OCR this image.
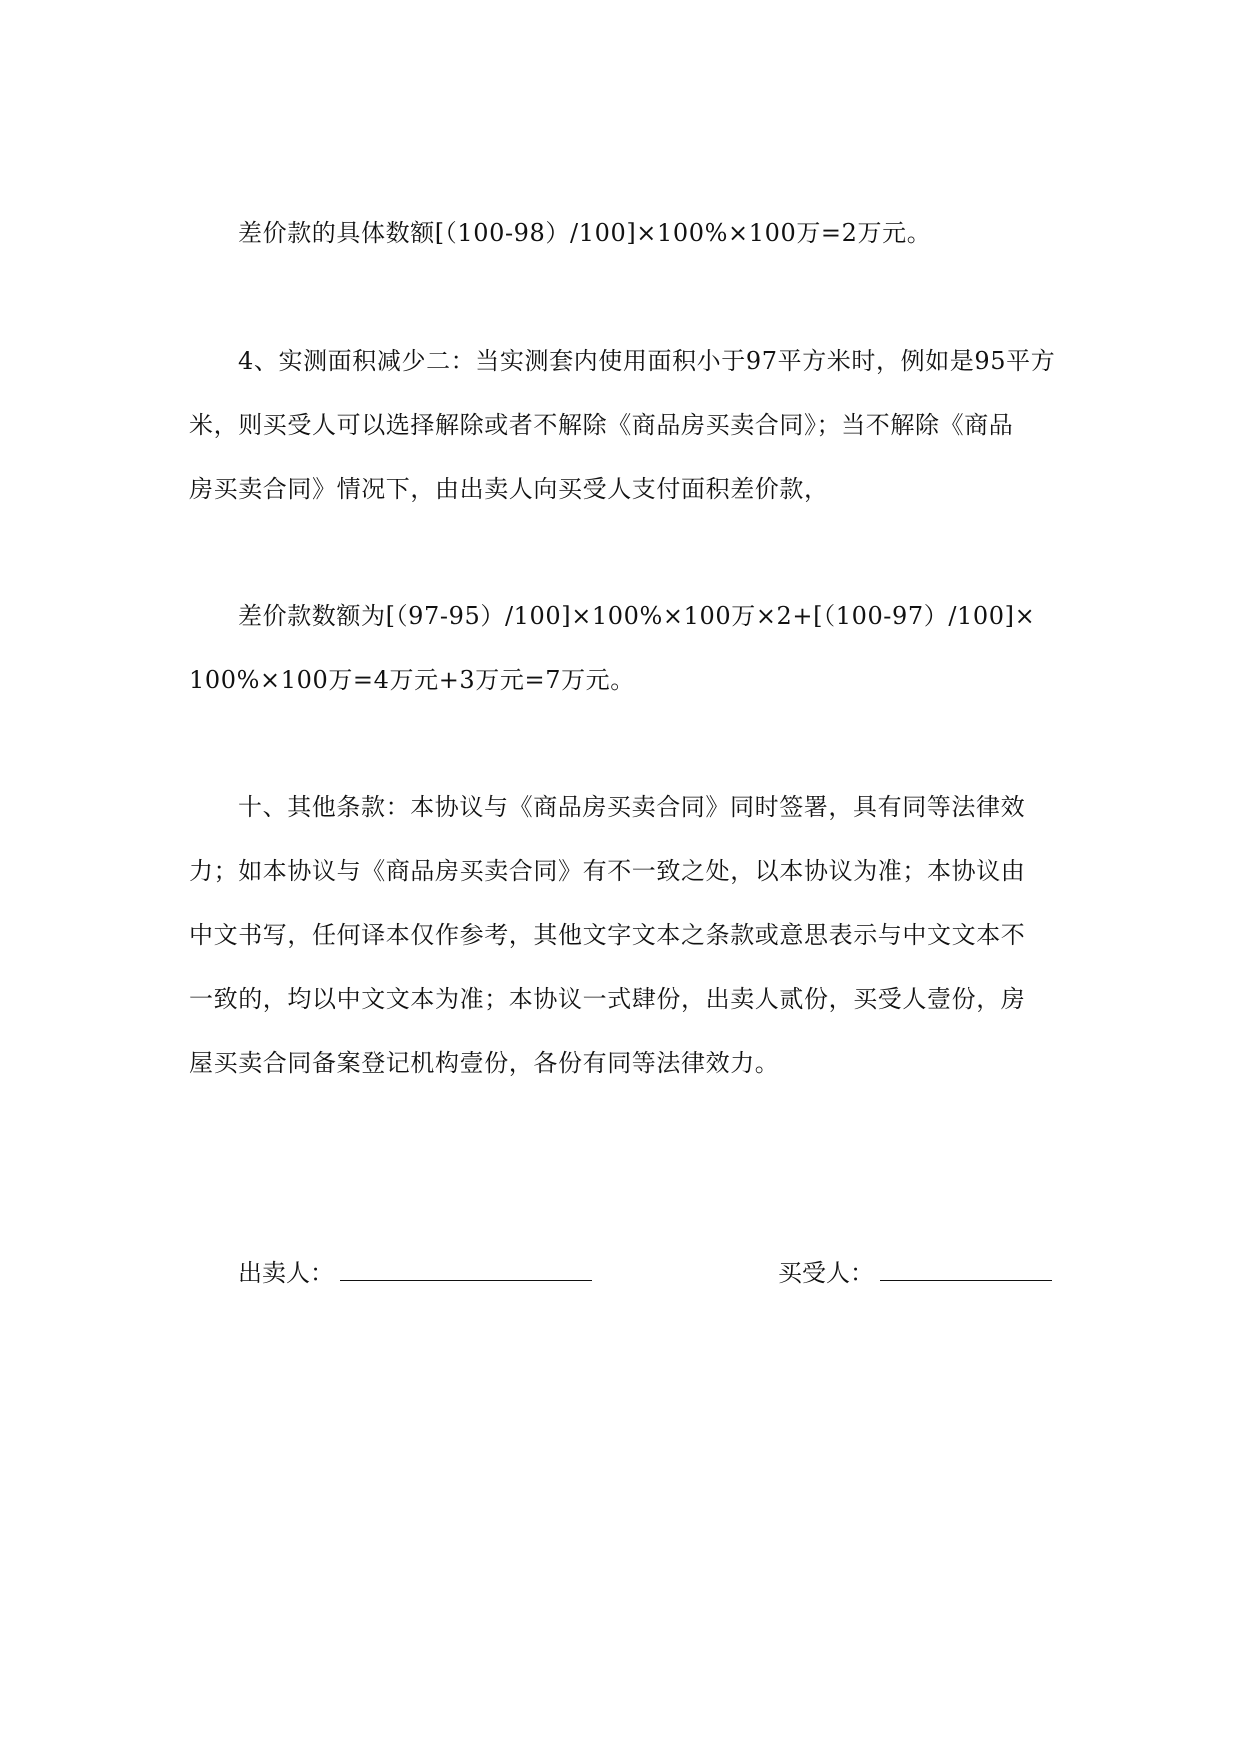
差价款的具体数额[（100-98）/100]×100%×100万=2万元。
4、实测面积减少二：当实测套内使用面积小于97平方米时，例如是95平方
米，则买受人可以选择解除或者不解除《商品房买卖合同》；当不解除《商品
房买卖合同》情况下，由出卖人向买受人支付面积差价款，
差价款数额为[（97-95）/100]×100%×100万×2+[（100-97）/100]×
100%×100万=4万元+3万元=7万元。
十、其他条款：本协议与《商品房买卖合同》同时签署，具有同等法律效
力；如本协议与《商品房买卖合同》有不一致之处，以本协议为准；本协议由
中文书写，任何译本仅作参考，其他文字文本之条款或意思表示与中文文本不
一致的，均以中文文本为准；本协议一式肆份，出卖人贰份，买受人壹份，房
屋买卖合同备案登记机构壹份，各份有同等法律效力。
出卖人：	买受人：
